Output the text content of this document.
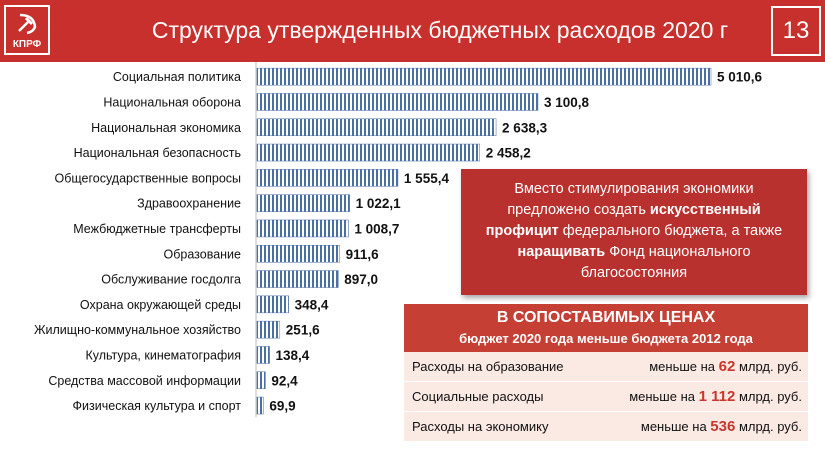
КПРФ
Структура утвержденных бюджетных расходов 2020 г	13
Социальная политика	5 010,6
Национальная оборона	3 100,8
Национальная экономика	2 638,3
Национальная безопасность	2 458,2
Общегосударственные вопросы	1 555,4
Здравоохранение	1 022,1
Межбюджетные трансферты	1 008,7
Образование	911,6
Обслуживание госдолга	897,0
Охрана окружающей среды	348,4
Жилищно-коммунальное хозяйство	251,6
Культура, кинематография	138,4
Средства массовой информации 92,4
Физическая культура и спорт 69,9
Вместо стимулирования экономики предложено создать искусственный профицит федерального бюджета, а также наращивать Фонд национального благосостояния
В СОПОСТАВИМЫХ ЦЕНАХ
бюджет 2020 года меньше бюджета 2012 года
Расходы на образование	меньше на 62 млрд. руб.
Социальные расходы	меньше на 1 112 млрд. руб.
Расходы на экономику	меньше на 536 млрд. руб.
